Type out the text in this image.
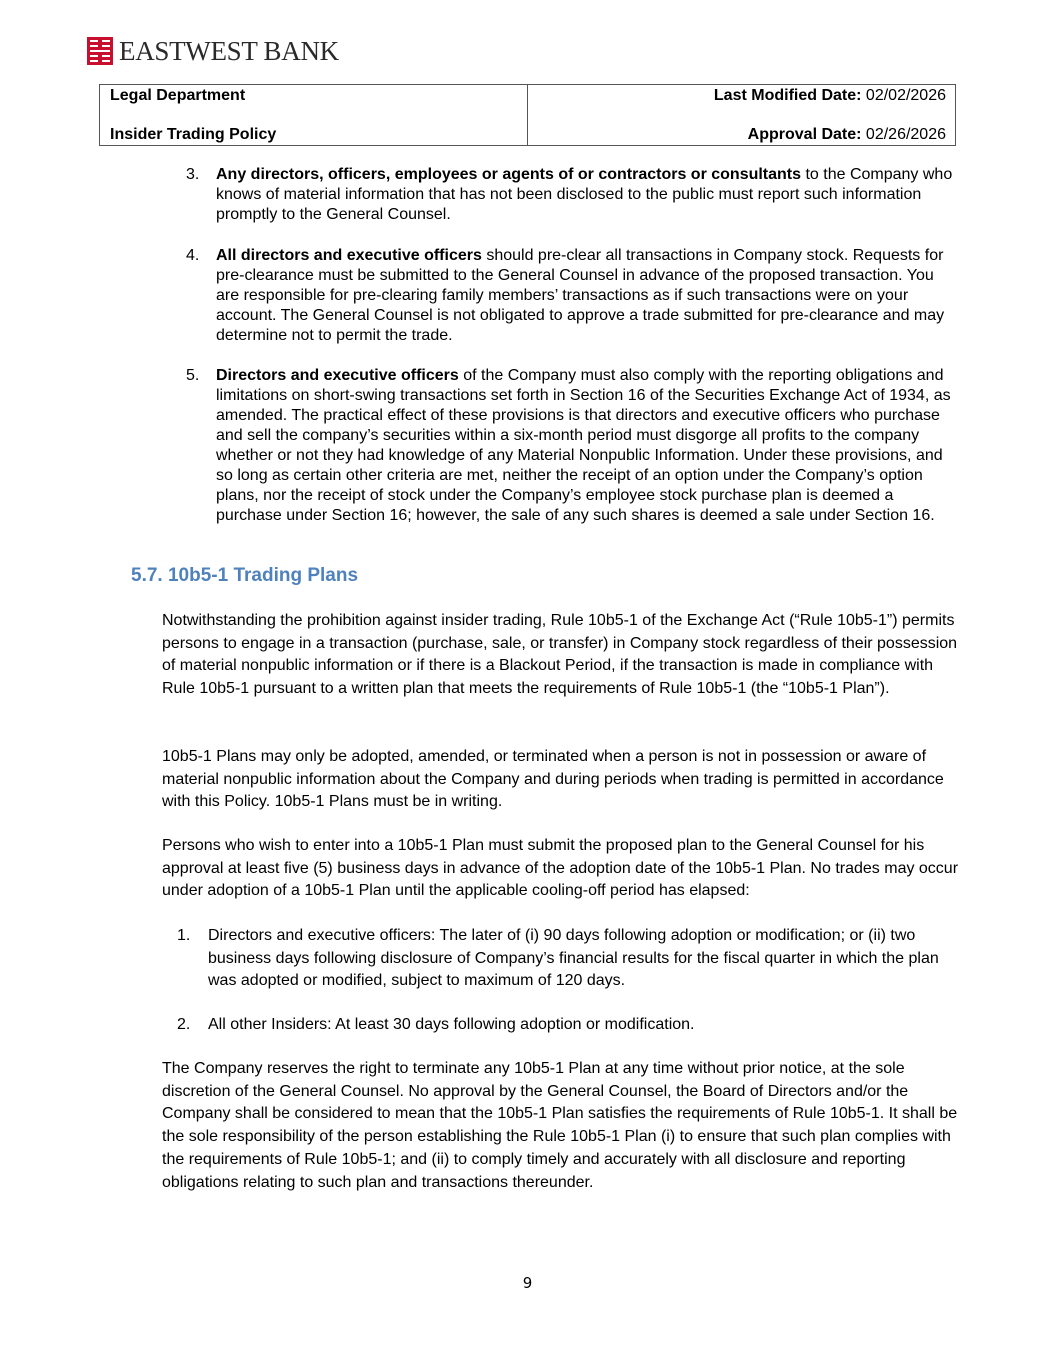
EASTWEST BANK
Legal Department
Insider Trading Policy

Last Modified Date: 02/02/2026
Approval Date: 02/26/2026
3.	Any directors, officers, employees or agents of or contractors or consultants to the Company who knows of material information that has not been disclosed to the public must report such information promptly to the General Counsel.
4.	All directors and executive officers should pre-clear all transactions in Company stock. Requests for pre-clearance must be submitted to the General Counsel in advance of the proposed transaction. You are responsible for pre-clearing family members’ transactions as if such transactions were on your account. The General Counsel is not obligated to approve a trade submitted for pre-clearance and may determine not to permit the trade.
5.	Directors and executive officers of the Company must also comply with the reporting obligations and limitations on short-swing transactions set forth in Section 16 of the Securities Exchange Act of 1934, as amended. The practical effect of these provisions is that directors and executive officers who purchase and sell the company’s securities within a six-month period must disgorge all profits to the company whether or not they had knowledge of any Material Nonpublic Information. Under these provisions, and so long as certain other criteria are met, neither the receipt of an option under the Company’s option plans, nor the receipt of stock under the Company’s employee stock purchase plan is deemed a purchase under Section 16; however, the sale of any such shares is deemed a sale under Section 16.
5.7. 10b5-1 Trading Plans
Notwithstanding the prohibition against insider trading, Rule 10b5-1 of the Exchange Act (“Rule 10b5-1”) permits persons to engage in a transaction (purchase, sale, or transfer) in Company stock regardless of their possession of material nonpublic information or if there is a Blackout Period, if the transaction is made in compliance with Rule 10b5-1 pursuant to a written plan that meets the requirements of Rule 10b5-1 (the “10b5-1 Plan”).
10b5-1 Plans may only be adopted, amended, or terminated when a person is not in possession or aware of material nonpublic information about the Company and during periods when trading is permitted in accordance with this Policy. 10b5-1 Plans must be in writing.
Persons who wish to enter into a 10b5-1 Plan must submit the proposed plan to the General Counsel for his approval at least five (5) business days in advance of the adoption date of the 10b5-1 Plan. No trades may occur under adoption of a 10b5-1 Plan until the applicable cooling-off period has elapsed:
1.	Directors and executive officers: The later of (i) 90 days following adoption or modification; or (ii) two business days following disclosure of Company’s financial results for the fiscal quarter in which the plan was adopted or modified, subject to maximum of 120 days.
2.	All other Insiders: At least 30 days following adoption or modification.
The Company reserves the right to terminate any 10b5-1 Plan at any time without prior notice, at the sole discretion of the General Counsel. No approval by the General Counsel, the Board of Directors and/or the Company shall be considered to mean that the 10b5-1 Plan satisfies the requirements of Rule 10b5-1. It shall be the sole responsibility of the person establishing the Rule 10b5-1 Plan (i) to ensure that such plan complies with the requirements of Rule 10b5-1; and (ii) to comply timely and accurately with all disclosure and reporting obligations relating to such plan and transactions thereunder.
9
